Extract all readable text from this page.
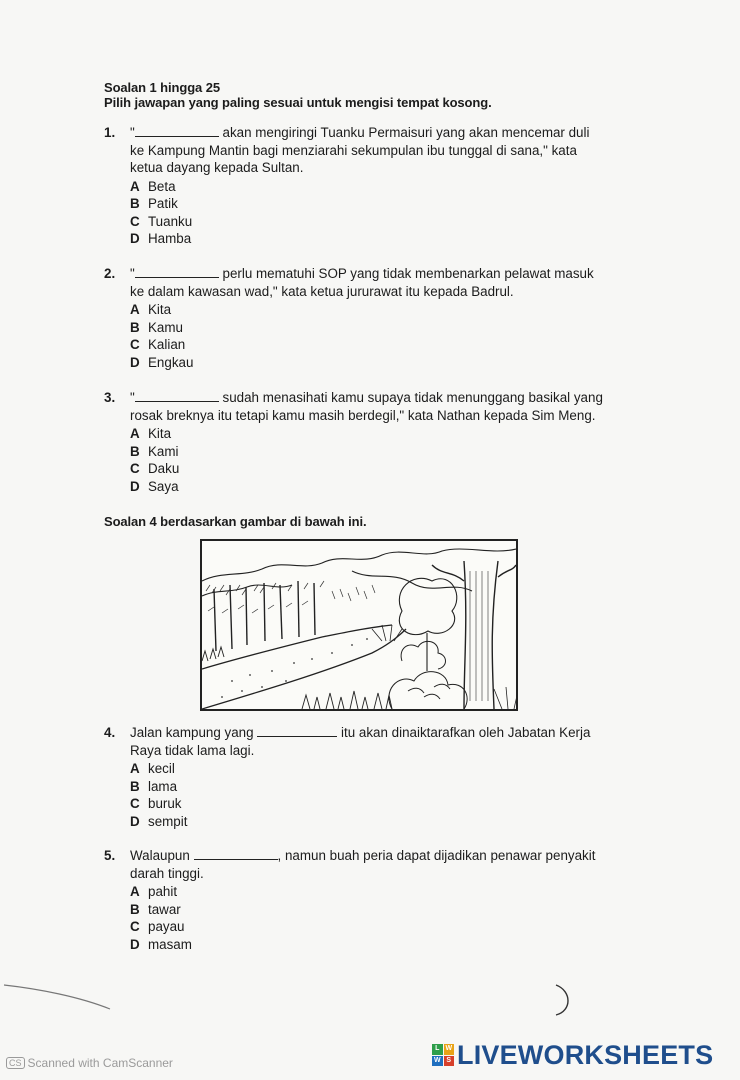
Soalan 1 hingga 25
Pilih jawapan yang paling sesuai untuk mengisi tempat kosong.
1. "	akan mengiringi Tuanku Permaisuri yang akan mencemar duli
ke Kampung Mantin bagi menziarahi sekumpulan ibu tunggal di sana," kata
ketua dayang kepada Sultan.
A Beta
B Patik
C Tuanku
D Hamba
2. "	perlu mematuhi SOP yang tidak membenarkan pelawat masuk
ke dalam kawasan wad," kata ketua jururawat itu kepada Badrul.
A Kita
B Kamu
C Kalian
D Engkau
3. "	sudah menasihati kamu supaya tidak menunggang basikal yang
rosak breknya itu tetapi kamu masih berdegil," kata Nathan kepada Sim Meng.
A Kita
B Kami
C Daku
D Saya
Soalan 4 berdasarkan gambar di bawah ini.
4. Jalan kampung yang	itu akan dinaiktarafkan oleh Jabatan Kerja
Raya tidak lama lagi.
A kecil
B lama
C buruk
D sempit
5. Walaupun	, namun buah peria dapat dijadikan penawar penyakit
darah tinggi.
A pahit
B tawar
C payau
D masam
CS Scanned with CamScanner
L W
W S LIVEWORKSHEETS
